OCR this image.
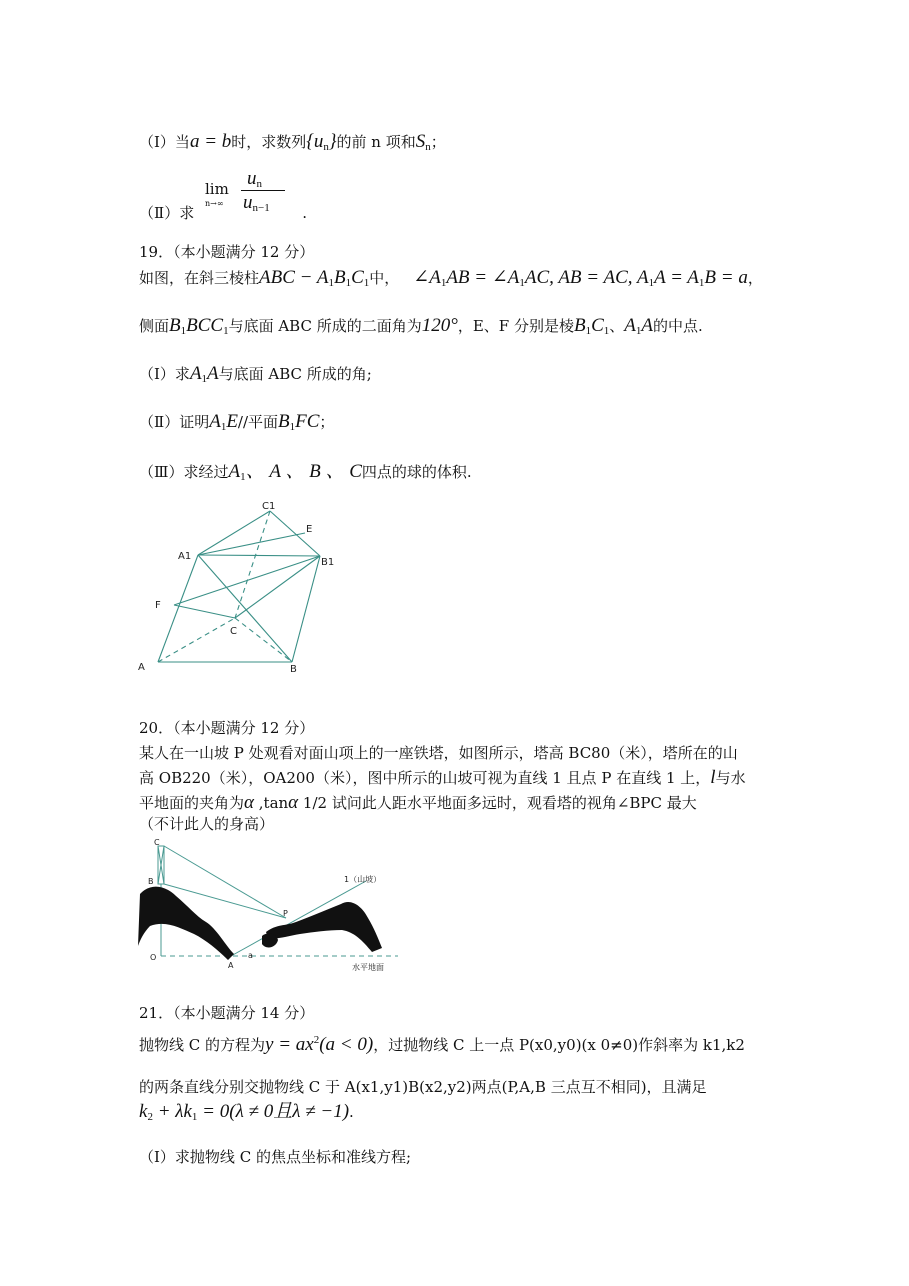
（Ⅰ）当a = b时，求数列$\{u_n\}$的前 n 项和$S_n$；
lim
n→∞
$u_n$
$u_{n-1}$
（Ⅱ）求	.
19．（本小题满分 12 分）
如图，在斜三棱柱ABC − $A_1B_1C_1$中， $\angle A_1AB$ = $\angle A_1AC$, AB = AC, $A_1A = A_1B = a$，
侧面$B_1BCC_1$与底面 ABC 所成的二面角为120°，E、F 分别是棱$B_1C_1$、$A_1A$的中点.
（Ⅰ）求$A_1A$与底面 ABC 所成的角;
（Ⅱ）证明$A_1E//$平面$B_1FC$；
（Ⅲ）求经过$A_1$、 A 、 B 、 C四点的球的体积.
C1
E
A1
B1
F
C
A	B
20．（本小题满分 12 分）
某人在一山坡 P 处观看对面山项上的一座铁塔，如图所示，塔高 BC80（米），塔所在的山
高 OB220（米），OA200（米），图中所示的山坡可视为直线 1 且点 P 在直线 1 上，l与水
平地面的夹角为α ,tanα 1/2 试问此人距水平地面多远时，观看塔的视角∠BPC 最大
（不计此人的身高）
C
B
P
O
A
a
1（山坡）
水平地面
21．（本小题满分 14 分）
抛物线 C 的方程为$y = ax^2(a < 0)$，过抛物线 C 上一点 P(x0,y0)(x 0≠0)作斜率为 k1,k2
的两条直线分别交抛物线 C 于 A(x1,y1)B(x2,y2)两点(P,A,B 三点互不相同)，且满足
$k_2 + \lambda k_1 = 0(\lambda \ne 0$且λ ≠ −1).
（Ⅰ）求抛物线 C 的焦点坐标和准线方程;
